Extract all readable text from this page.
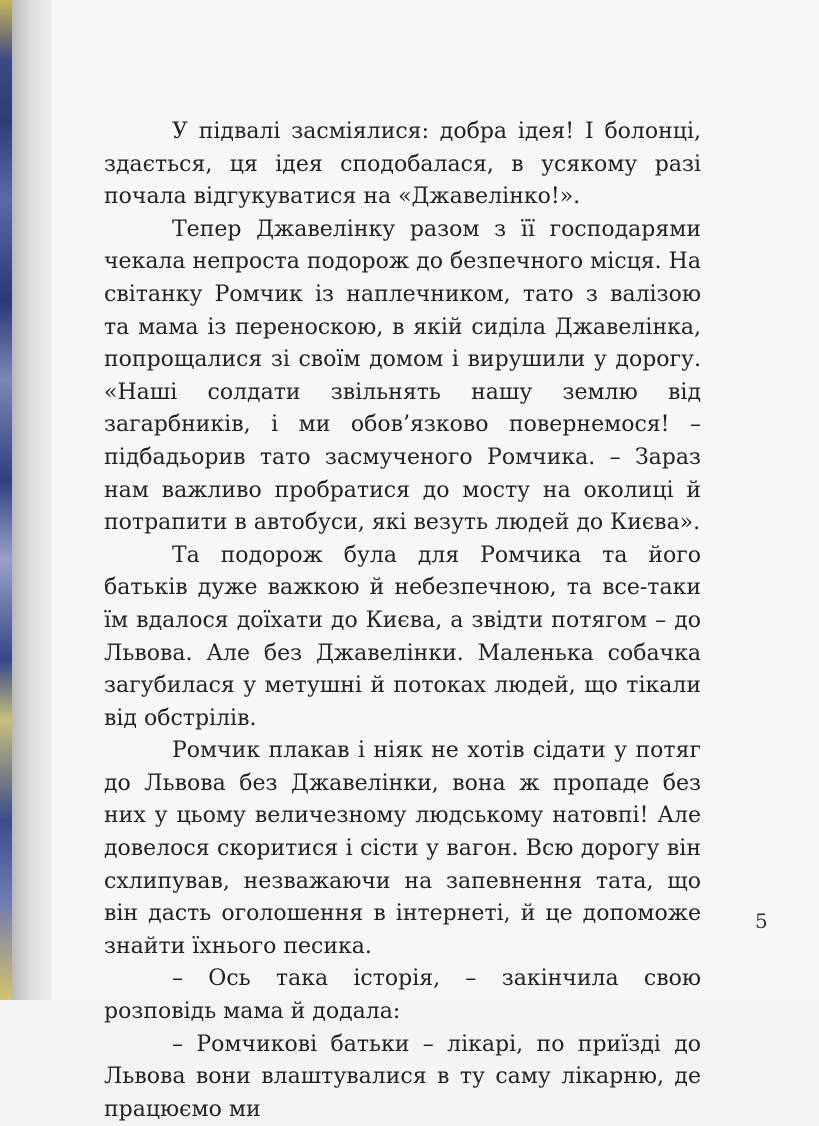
У підвалі засміялися: добра ідея! І болонці, здається, ця ідея сподобалася, в усякому разі почала відгукуватися на «Джавелінко!».

Тепер Джавелінку разом з її господарями чекала непроста подорож до безпечного місця. На світанку Ромчик із наплечником, тато з валізою та мама із переноскою, в якій сиділа Джавелінка, попрощалися зі своїм домом і вирушили у дорогу. «Наші солдати звільнять нашу землю від загарбників, і ми обов’язково повернемося! – підбадьорив тато засмученого Ромчика. – Зараз нам важливо пробратися до мосту на околиці й потрапити в автобуси, які везуть людей до Києва».

Та подорож була для Ромчика та його батьків дуже важкою й небезпечною, та все-таки їм вдалося доїхати до Києва, а звідти потягом – до Львова. Але без Джавелінки. Маленька собачка загубилася у метушні й потоках людей, що тікали від обстрілів.

Ромчик плакав і ніяк не хотів сідати у потяг до Львова без Джавелінки, вона ж пропаде без них у цьому величезному людському натовпі! Але довелося скоритися і сісти у вагон. Всю дорогу він схлипував, незважаючи на запевнення тата, що він дасть оголошення в інтернеті, й це допоможе знайти їхнього песика.

– Ось така історія, – закінчила свою розповідь мама й додала:

– Ромчикові батьки – лікарі, по приїзді до Львова вони влаштувалися в ту саму лікарню, де працюємо ми

5
